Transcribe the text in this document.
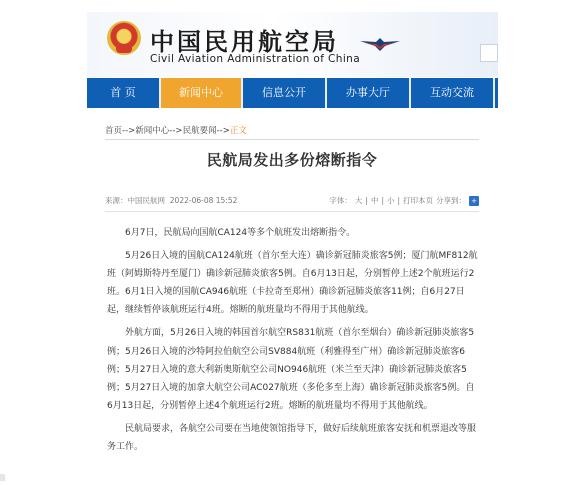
中国民用航空局
Civil Aviation Administration of China
首 页	新闻中心	信息公开	办事大厅	互动交流
首页-->新闻中心-->民航要闻-->正文
民航局发出多份熔断指令
来源：中国民航网 2022-06-08 15:52	字体： 大 | 中 | 小 | 打印本页 分享到： +

6月7日，民航局向国航CA124等多个航班发出熔断指令。

5月26日入境的国航CA124航班（首尔至大连）确诊新冠肺炎旅客5例；厦门航MF812航班（阿姆斯特丹至厦门）确诊新冠肺炎旅客5例。自6月13日起，分别暂停上述2个航班运行2班。6月1日入境的国航CA946航班（卡拉奇至郑州）确诊新冠肺炎旅客11例；自6月27日起，继续暂停该航班运行4班。熔断的航班量均不得用于其他航线。

外航方面，5月26日入境的韩国首尔航空RS831航班（首尔至烟台）确诊新冠肺炎旅客5例；5月26日入境的沙特阿拉伯航空公司SV884航班（利雅得至广州）确诊新冠肺炎旅客6例；5月27日入境的意大利新奥斯航空公司NO946航班（米兰至天津）确诊新冠肺炎旅客5例；5月27日入境的加拿大航空公司AC027航班（多伦多至上海）确诊新冠肺炎旅客5例。自6月13日起，分别暂停上述4个航班运行2班。熔断的航班量均不得用于其他航线。

民航局要求，各航空公司要在当地使领馆指导下，做好后续航班旅客安抚和机票退改等服务工作。
